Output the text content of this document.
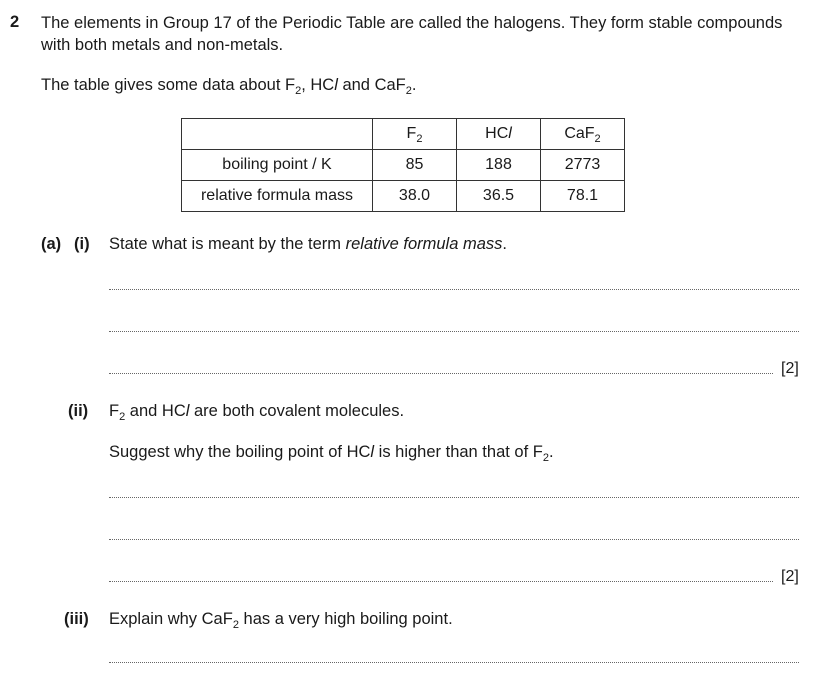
2 The elements in Group 17 of the Periodic Table are called the halogens. They form stable compounds
with both metals and non-metals.
The table gives some data about $F_2$, HCl and CaF$_2$.
	$F_2$	HCl	CaF$_2$
boiling point / K	85	188	2773
relative formula mass	38.0	36.5	78.1
(a) (i) State what is meant by the term relative formula mass.
[2]
(ii) $F_2$ and HCl are both covalent molecules.
Suggest why the boiling point of HCl is higher than that of $F_2$.
[2]
(iii) Explain why CaF$_2$ has a very high boiling point.
